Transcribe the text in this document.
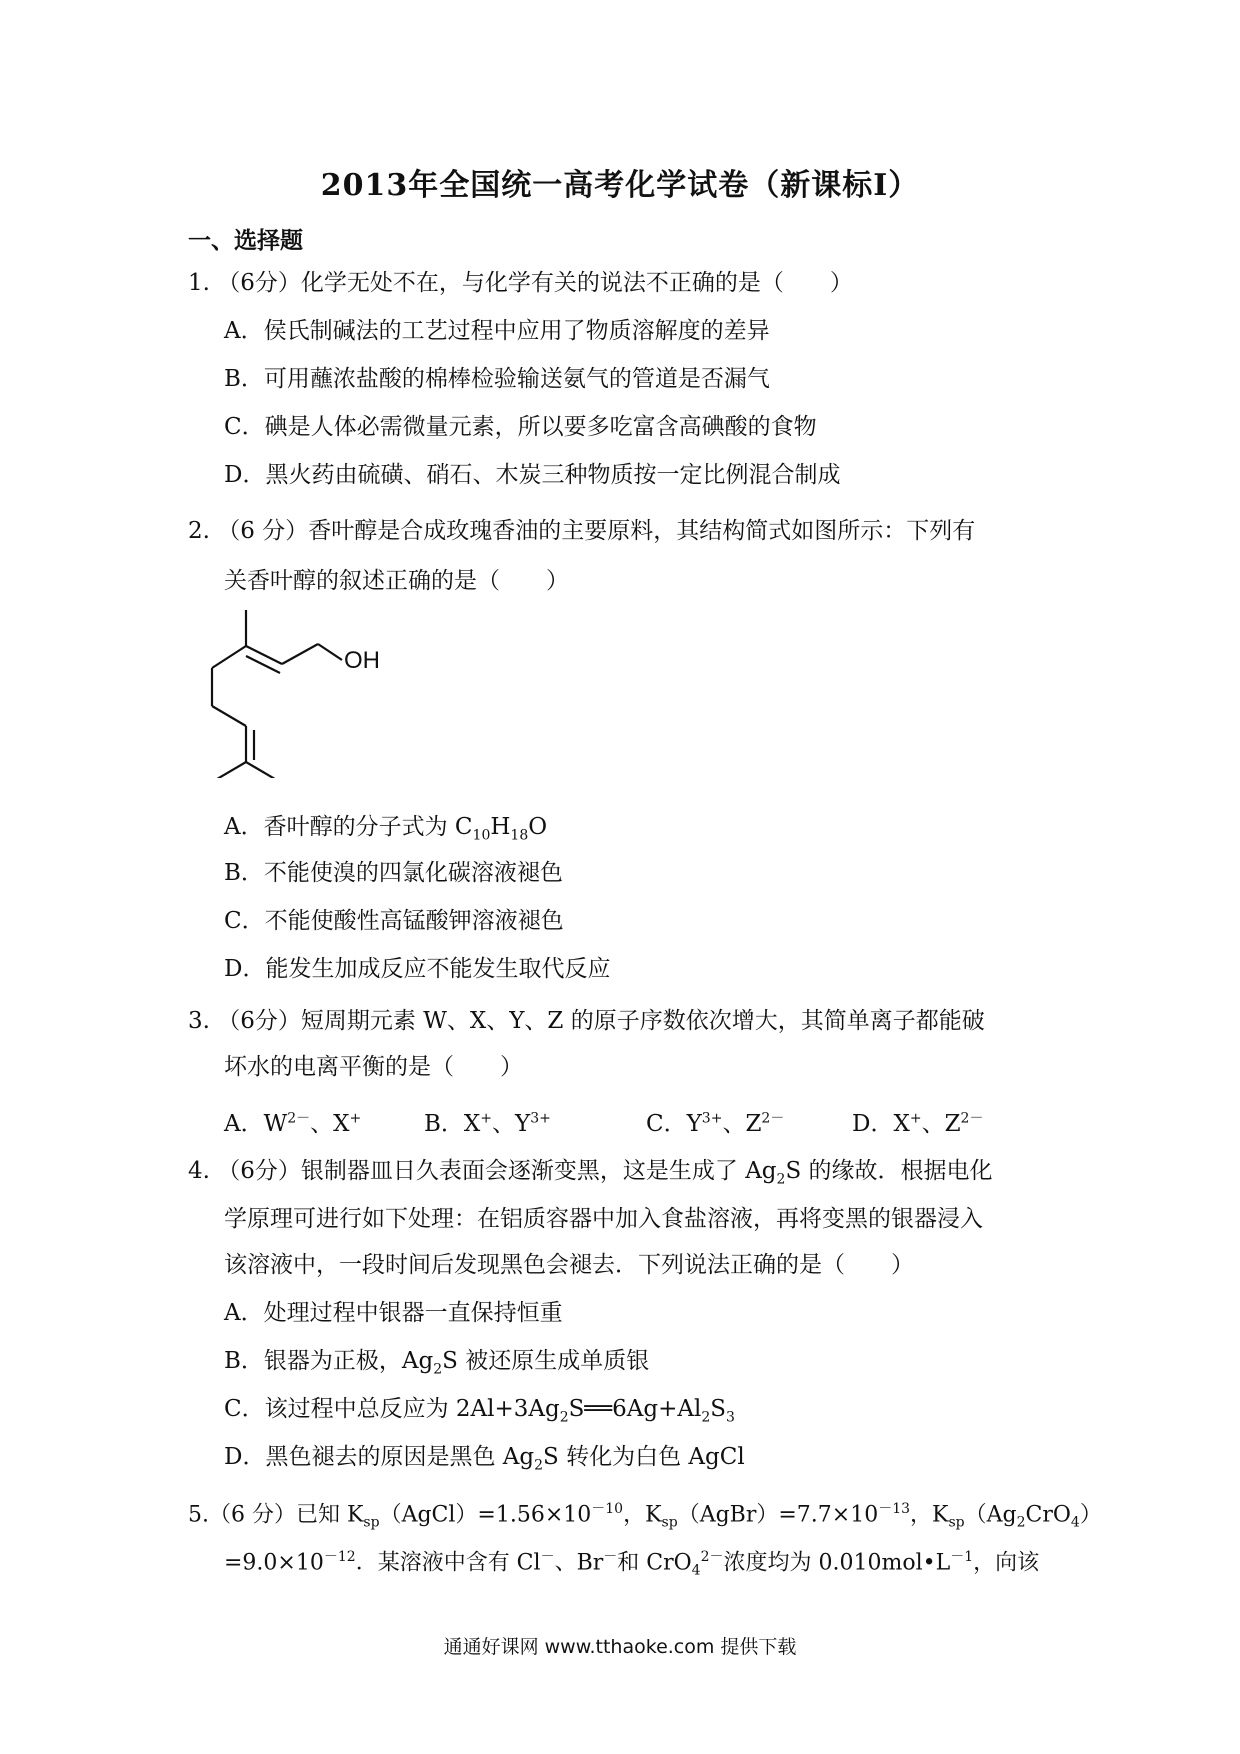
2013年全国统一高考化学试卷（新课标I）
一、选择题
1. （6分）化学无处不在，与化学有关的说法不正确的是（　　）
A．侯氏制碱法的工艺过程中应用了物质溶解度的差异
B．可用蘸浓盐酸的棉棒检验输送氨气的管道是否漏气
C．碘是人体必需微量元素，所以要多吃富含高碘酸的食物
D．黑火药由硫磺、硝石、木炭三种物质按一定比例混合制成
2. （6 分）香叶醇是合成玫瑰香油的主要原料，其结构简式如图所示：下列有
关香叶醇的叙述正确的是（　　）
OH
A．香叶醇的分子式为 $C_{10}H_{18}O$
B．不能使溴的四氯化碳溶液褪色
C．不能使酸性高锰酸钾溶液褪色
D．能发生加成反应不能发生取代反应
3. （6分）短周期元素 W、X、Y、Z 的原子序数依次增大，其简单离子都能破
坏水的电离平衡的是（　　）
A．$W^{2-}$、X+	B．X+、$Y^{3+}$	C．$Y^{3+}$、$Z^{2-}$	D．X+、$Z^{2-}$
4. （6分）银制器皿日久表面会逐渐变黑，这是生成了 $Ag_2S$ 的缘故．根据电化
学原理可进行如下处理：在铝质容器中加入食盐溶液，再将变黑的银器浸入
该溶液中，一段时间后发现黑色会褪去．下列说法正确的是（　　）
A．处理过程中银器一直保持恒重
B．银器为正极，$Ag_2S$ 被还原生成单质银
C．该过程中总反应为 $2Al+3Ag_2S══6Ag+Al_2S_3$
D．黑色褪去的原因是黑色 $Ag_2S$ 转化为白色 AgCl
5.（6 分）已知 $K_{sp}(AgCl)=1.56\times 10^{-10}$，$K_{sp}(AgBr)=7.7\times 10^{-13}$，$K_{sp}(Ag_2CrO_4)$
$=9.0\times 10^{-12}$．某溶液中含有 Cl－、Br－和 CrO$_4^{2-}$浓度均为 $0.010mol•L^{-1}$，向该
通通好课网 www.tthaoke.com 提供下载
